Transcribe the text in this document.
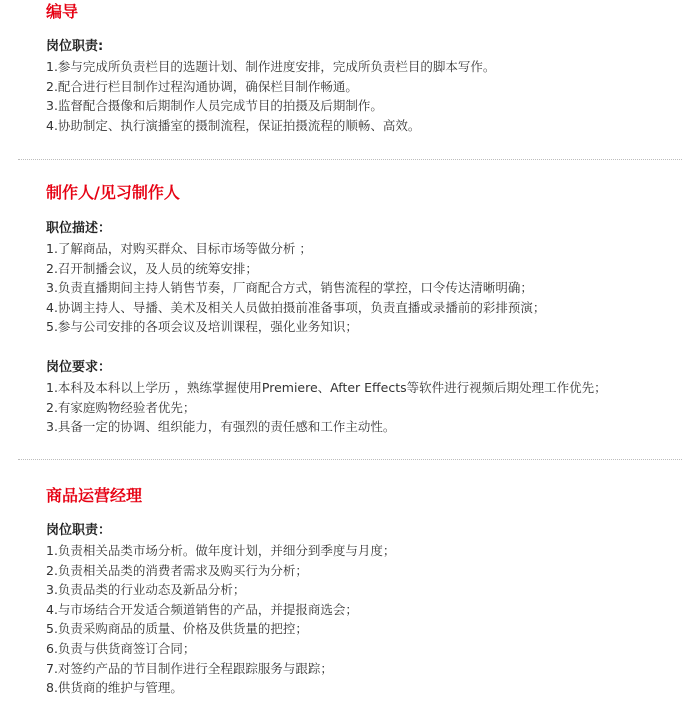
编导
岗位职责:
1.参与完成所负责栏目的选题计划、制作进度安排，完成所负责栏目的脚本写作。
2.配合进行栏目制作过程沟通协调，确保栏目制作畅通。
3.监督配合摄像和后期制作人员完成节目的拍摄及后期制作。
4.协助制定、执行演播室的摄制流程，保证拍摄流程的顺畅、高效。
制作人/见习制作人
职位描述：
1.了解商品，对购买群众、目标市场等做分析 ；
2.召开制播会议，及人员的统筹安排；
3.负责直播期间主持人销售节奏，厂商配合方式，销售流程的掌控，口令传达清晰明确；
4.协调主持人、导播、美术及相关人员做拍摄前准备事项，负责直播或录播前的彩排预演；
5.参与公司安排的各项会议及培训课程，强化业务知识；
岗位要求：
1.本科及本科以上学历 ，熟练掌握使用Premiere、After Effects等软件进行视频后期处理工作优先；
2.有家庭购物经验者优先；
3.具备一定的协调、组织能力，有强烈的责任感和工作主动性。
商品运营经理
岗位职责：
1.负责相关品类市场分析。做年度计划，并细分到季度与月度；
2.负责相关品类的消费者需求及购买行为分析；
3.负责品类的行业动态及新品分析；
4.与市场结合开发适合频道销售的产品，并提报商选会；
5.负责采购商品的质量、价格及供货量的把控；
6.负责与供货商签订合同；
7.对签约产品的节目制作进行全程跟踪服务与跟踪；
8.供货商的维护与管理。
